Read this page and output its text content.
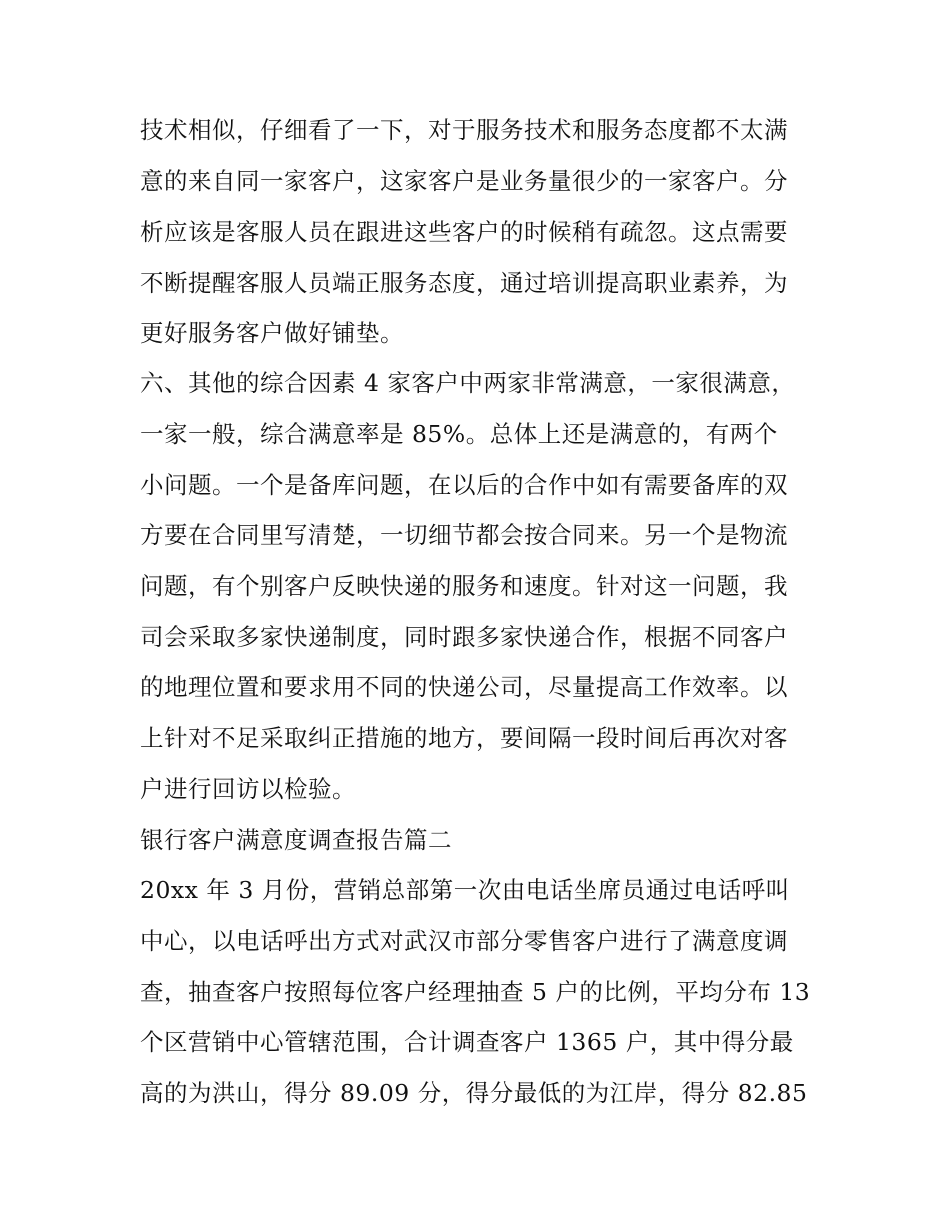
技术相似，仔细看了一下，对于服务技术和服务态度都不太满
意的来自同一家客户，这家客户是业务量很少的一家客户。分
析应该是客服人员在跟进这些客户的时候稍有疏忽。这点需要
不断提醒客服人员端正服务态度，通过培训提高职业素养，为
更好服务客户做好铺垫。
六、其他的综合因素 4 家客户中两家非常满意，一家很满意，
一家一般，综合满意率是 85%。总体上还是满意的，有两个
小问题。一个是备库问题，在以后的合作中如有需要备库的双
方要在合同里写清楚，一切细节都会按合同来。另一个是物流
问题，有个别客户反映快递的服务和速度。针对这一问题，我
司会采取多家快递制度，同时跟多家快递合作，根据不同客户
的地理位置和要求用不同的快递公司，尽量提高工作效率。以
上针对不足采取纠正措施的地方，要间隔一段时间后再次对客
户进行回访以检验。
银行客户满意度调查报告篇二
20xx 年 3 月份，营销总部第一次由电话坐席员通过电话呼叫
中心，以电话呼出方式对武汉市部分零售客户进行了满意度调
查，抽查客户按照每位客户经理抽查 5 户的比例，平均分布 13
个区营销中心管辖范围，合计调查客户 1365 户，其中得分最
高的为洪山，得分 89.09 分，得分最低的为江岸，得分 82.85
